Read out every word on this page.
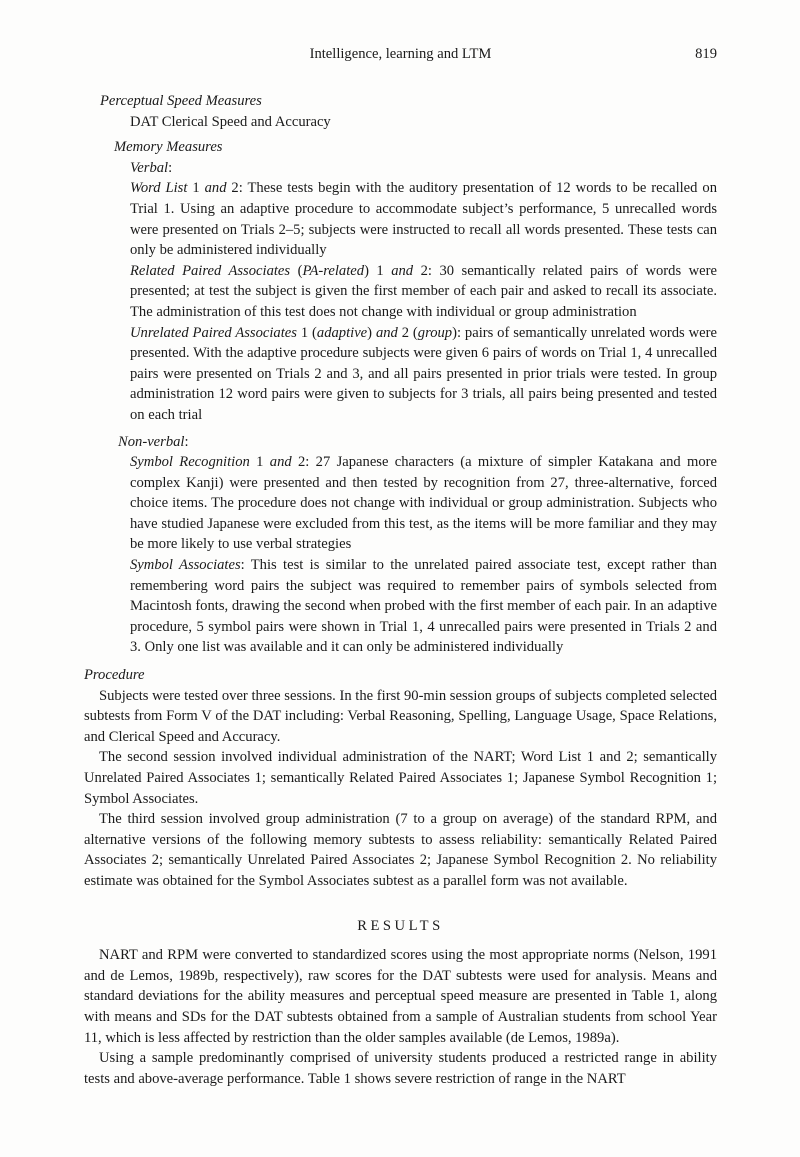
Intelligence, learning and LTM	819
Perceptual Speed Measures
DAT Clerical Speed and Accuracy
Memory Measures
Verbal:

Word List 1 and 2: These tests begin with the auditory presentation of 12 words to be recalled on Trial 1. Using an adaptive procedure to accommodate subject’s performance, 5 unrecalled words were presented on Trials 2–5; subjects were instructed to recall all words presented. These tests can only be administered individually

Related Paired Associates (PA-related) 1 and 2: 30 semantically related pairs of words were presented; at test the subject is given the first member of each pair and asked to recall its associate. The administration of this test does not change with individual or group administration

Unrelated Paired Associates 1 (adaptive) and 2 (group): pairs of semantically unrelated words were presented. With the adaptive procedure subjects were given 6 pairs of words on Trial 1, 4 unrecalled pairs were presented on Trials 2 and 3, and all pairs presented in prior trials were tested. In group administration 12 word pairs were given to subjects for 3 trials, all pairs being presented and tested on each trial

Non-verbal:

Symbol Recognition 1 and 2: 27 Japanese characters (a mixture of simpler Katakana and more complex Kanji) were presented and then tested by recognition from 27, three-alternative, forced choice items. The procedure does not change with individual or group administration. Subjects who have studied Japanese were excluded from this test, as the items will be more familiar and they may be more likely to use verbal strategies

Symbol Associates: This test is similar to the unrelated paired associate test, except rather than remembering word pairs the subject was required to remember pairs of symbols selected from Macintosh fonts, drawing the second when probed with the first member of each pair. In an adaptive procedure, 5 symbol pairs were shown in Trial 1, 4 unrecalled pairs were presented in Trials 2 and 3. Only one list was available and it can only be administered individually

Procedure

Subjects were tested over three sessions. In the first 90-min session groups of subjects completed selected subtests from Form V of the DAT including: Verbal Reasoning, Spelling, Language Usage, Space Relations, and Clerical Speed and Accuracy.

The second session involved individual administration of the NART; Word List 1 and 2; semantically Unrelated Paired Associates 1; semantically Related Paired Associates 1; Japanese Symbol Recognition 1; Symbol Associates.

The third session involved group administration (7 to a group on average) of the standard RPM, and alternative versions of the following memory subtests to assess reliability: semantically Related Paired Associates 2; semantically Unrelated Paired Associates 2; Japanese Symbol Recognition 2. No reliability estimate was obtained for the Symbol Associates subtest as a parallel form was not available.

RESULTS

NART and RPM were converted to standardized scores using the most appropriate norms (Nelson, 1991 and de Lemos, 1989b, respectively), raw scores for the DAT subtests were used for analysis. Means and standard deviations for the ability measures and perceptual speed measure are presented in Table 1, along with means and SDs for the DAT subtests obtained from a sample of Australian students from school Year 11, which is less affected by restriction than the older samples available (de Lemos, 1989a).

Using a sample predominantly comprised of university students produced a restricted range in ability tests and above-average performance. Table 1 shows severe restriction of range in the NART
